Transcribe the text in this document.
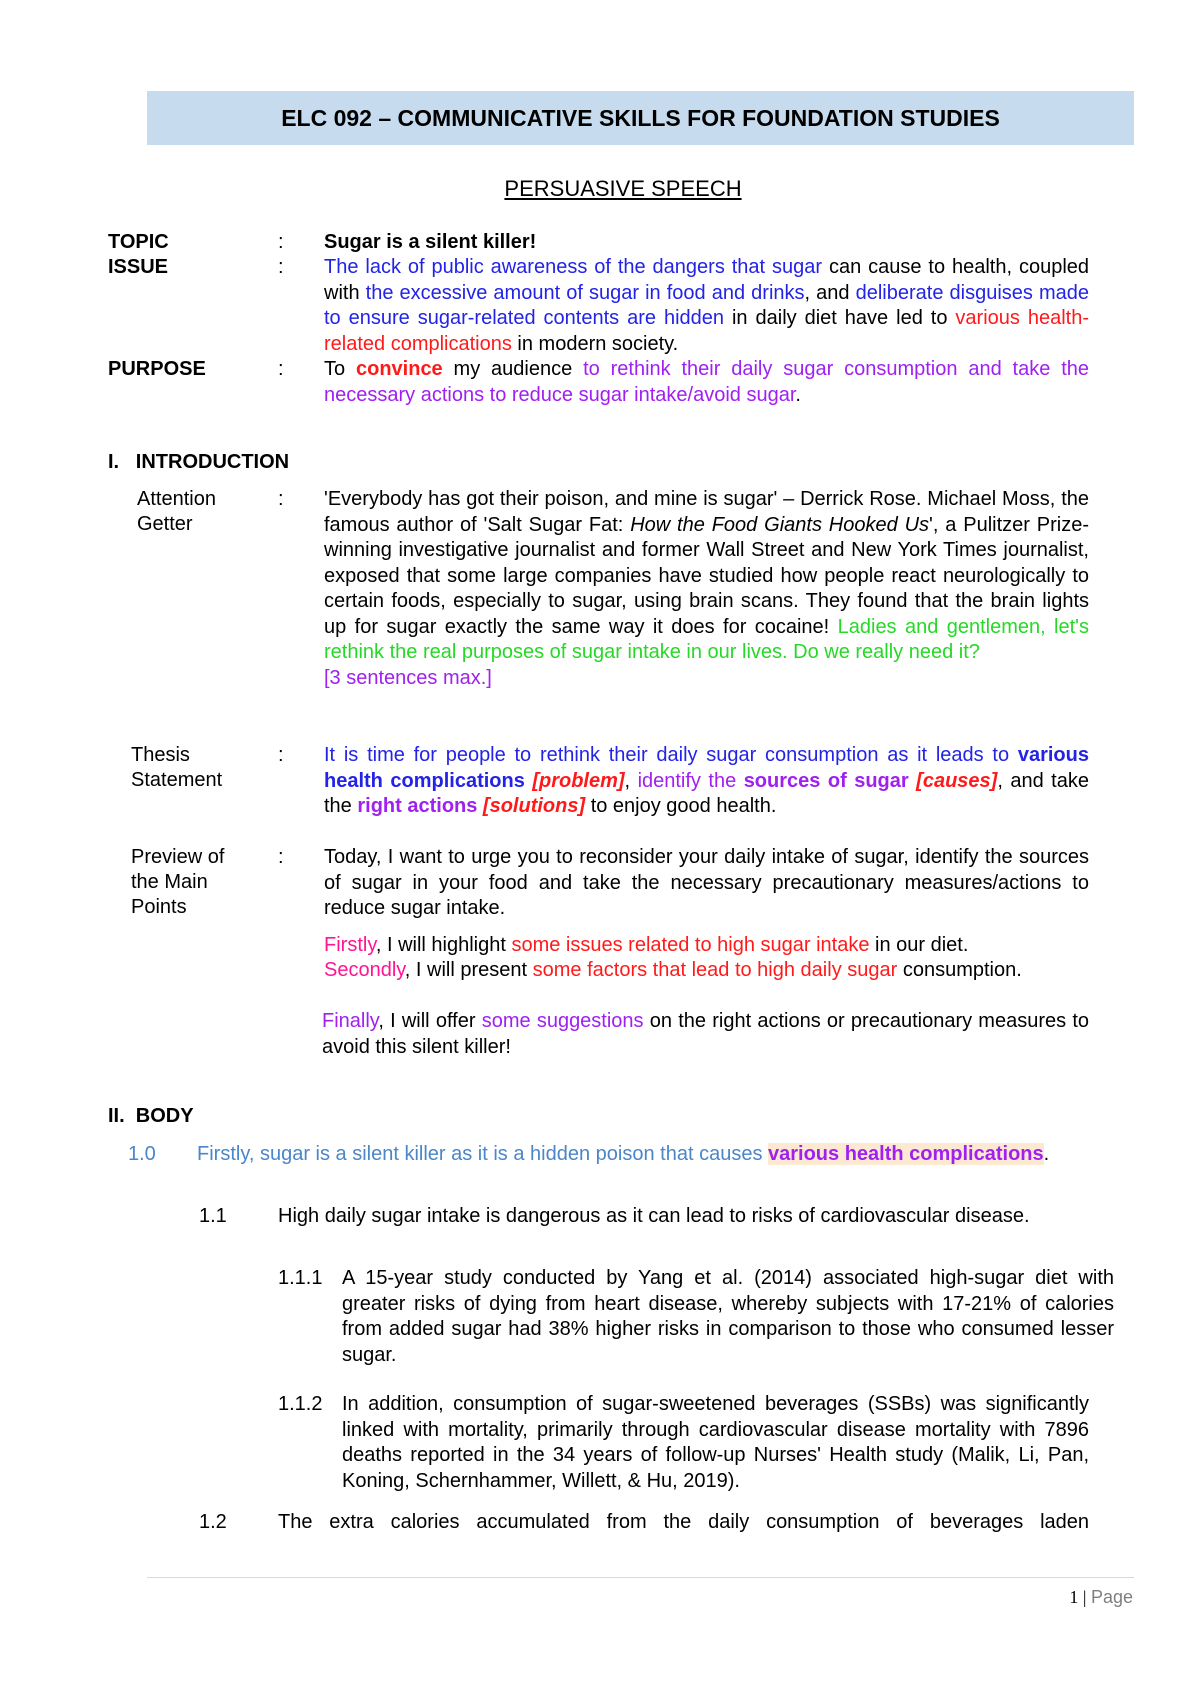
ELC 092 – COMMUNICATIVE SKILLS FOR FOUNDATION STUDIES
PERSUASIVE SPEECH
TOPIC	: Sugar is a silent killer!
ISSUE	: The lack of public awareness of the dangers that sugar can cause to health, coupled with the excessive amount of sugar in food and drinks, and deliberate disguises made to ensure sugar-related contents are hidden in daily diet have led to various health-related complications in modern society.
PURPOSE	: To convince my audience to rethink their daily sugar consumption and take the necessary actions to reduce sugar intake/avoid sugar.
I.   INTRODUCTION
Attention
Getter
: 'Everybody has got their poison, and mine is sugar' – Derrick Rose. Michael Moss, the famous author of 'Salt Sugar Fat: How the Food Giants Hooked Us', a Pulitzer Prize-winning investigative journalist and former Wall Street and New York Times journalist, exposed that some large companies have studied how people react neurologically to certain foods, especially to sugar, using brain scans. They found that the brain lights up for sugar exactly the same way it does for cocaine! Ladies and gentlemen, let's rethink the real purposes of sugar intake in our lives. Do we really need it?
[3 sentences max.]
Thesis
Statement
: It is time for people to rethink their daily sugar consumption as it leads to various health complications [problem], identify the sources of sugar [causes], and take the right actions [solutions] to enjoy good health.
Preview of
the Main
Points
: Today, I want to urge you to reconsider your daily intake of sugar, identify the sources of sugar in your food and take the necessary precautionary measures/actions to reduce sugar intake.
Firstly, I will highlight some issues related to high sugar intake in our diet.
Secondly, I will present some factors that lead to high daily sugar consumption.
Finally, I will offer some suggestions on the right actions or precautionary measures to avoid this silent killer!
II.  BODY
1.0 Firstly, sugar is a silent killer as it is a hidden poison that causes various health complications.
1.1	High daily sugar intake is dangerous as it can lead to risks of cardiovascular disease.
1.1.1 A 15-year study conducted by Yang et al. (2014) associated high-sugar diet with greater risks of dying from heart disease, whereby subjects with 17-21% of calories from added sugar had 38% higher risks in comparison to those who consumed lesser sugar.
1.1.2 In addition, consumption of sugar-sweetened beverages (SSBs) was significantly linked with mortality, primarily through cardiovascular disease mortality with 7896 deaths reported in the 34 years of follow-up Nurses' Health study (Malik, Li, Pan, Koning, Schernhammer, Willett, & Hu, 2019).
1.2	The extra calories accumulated from the daily consumption of beverages laden
1 | Page
